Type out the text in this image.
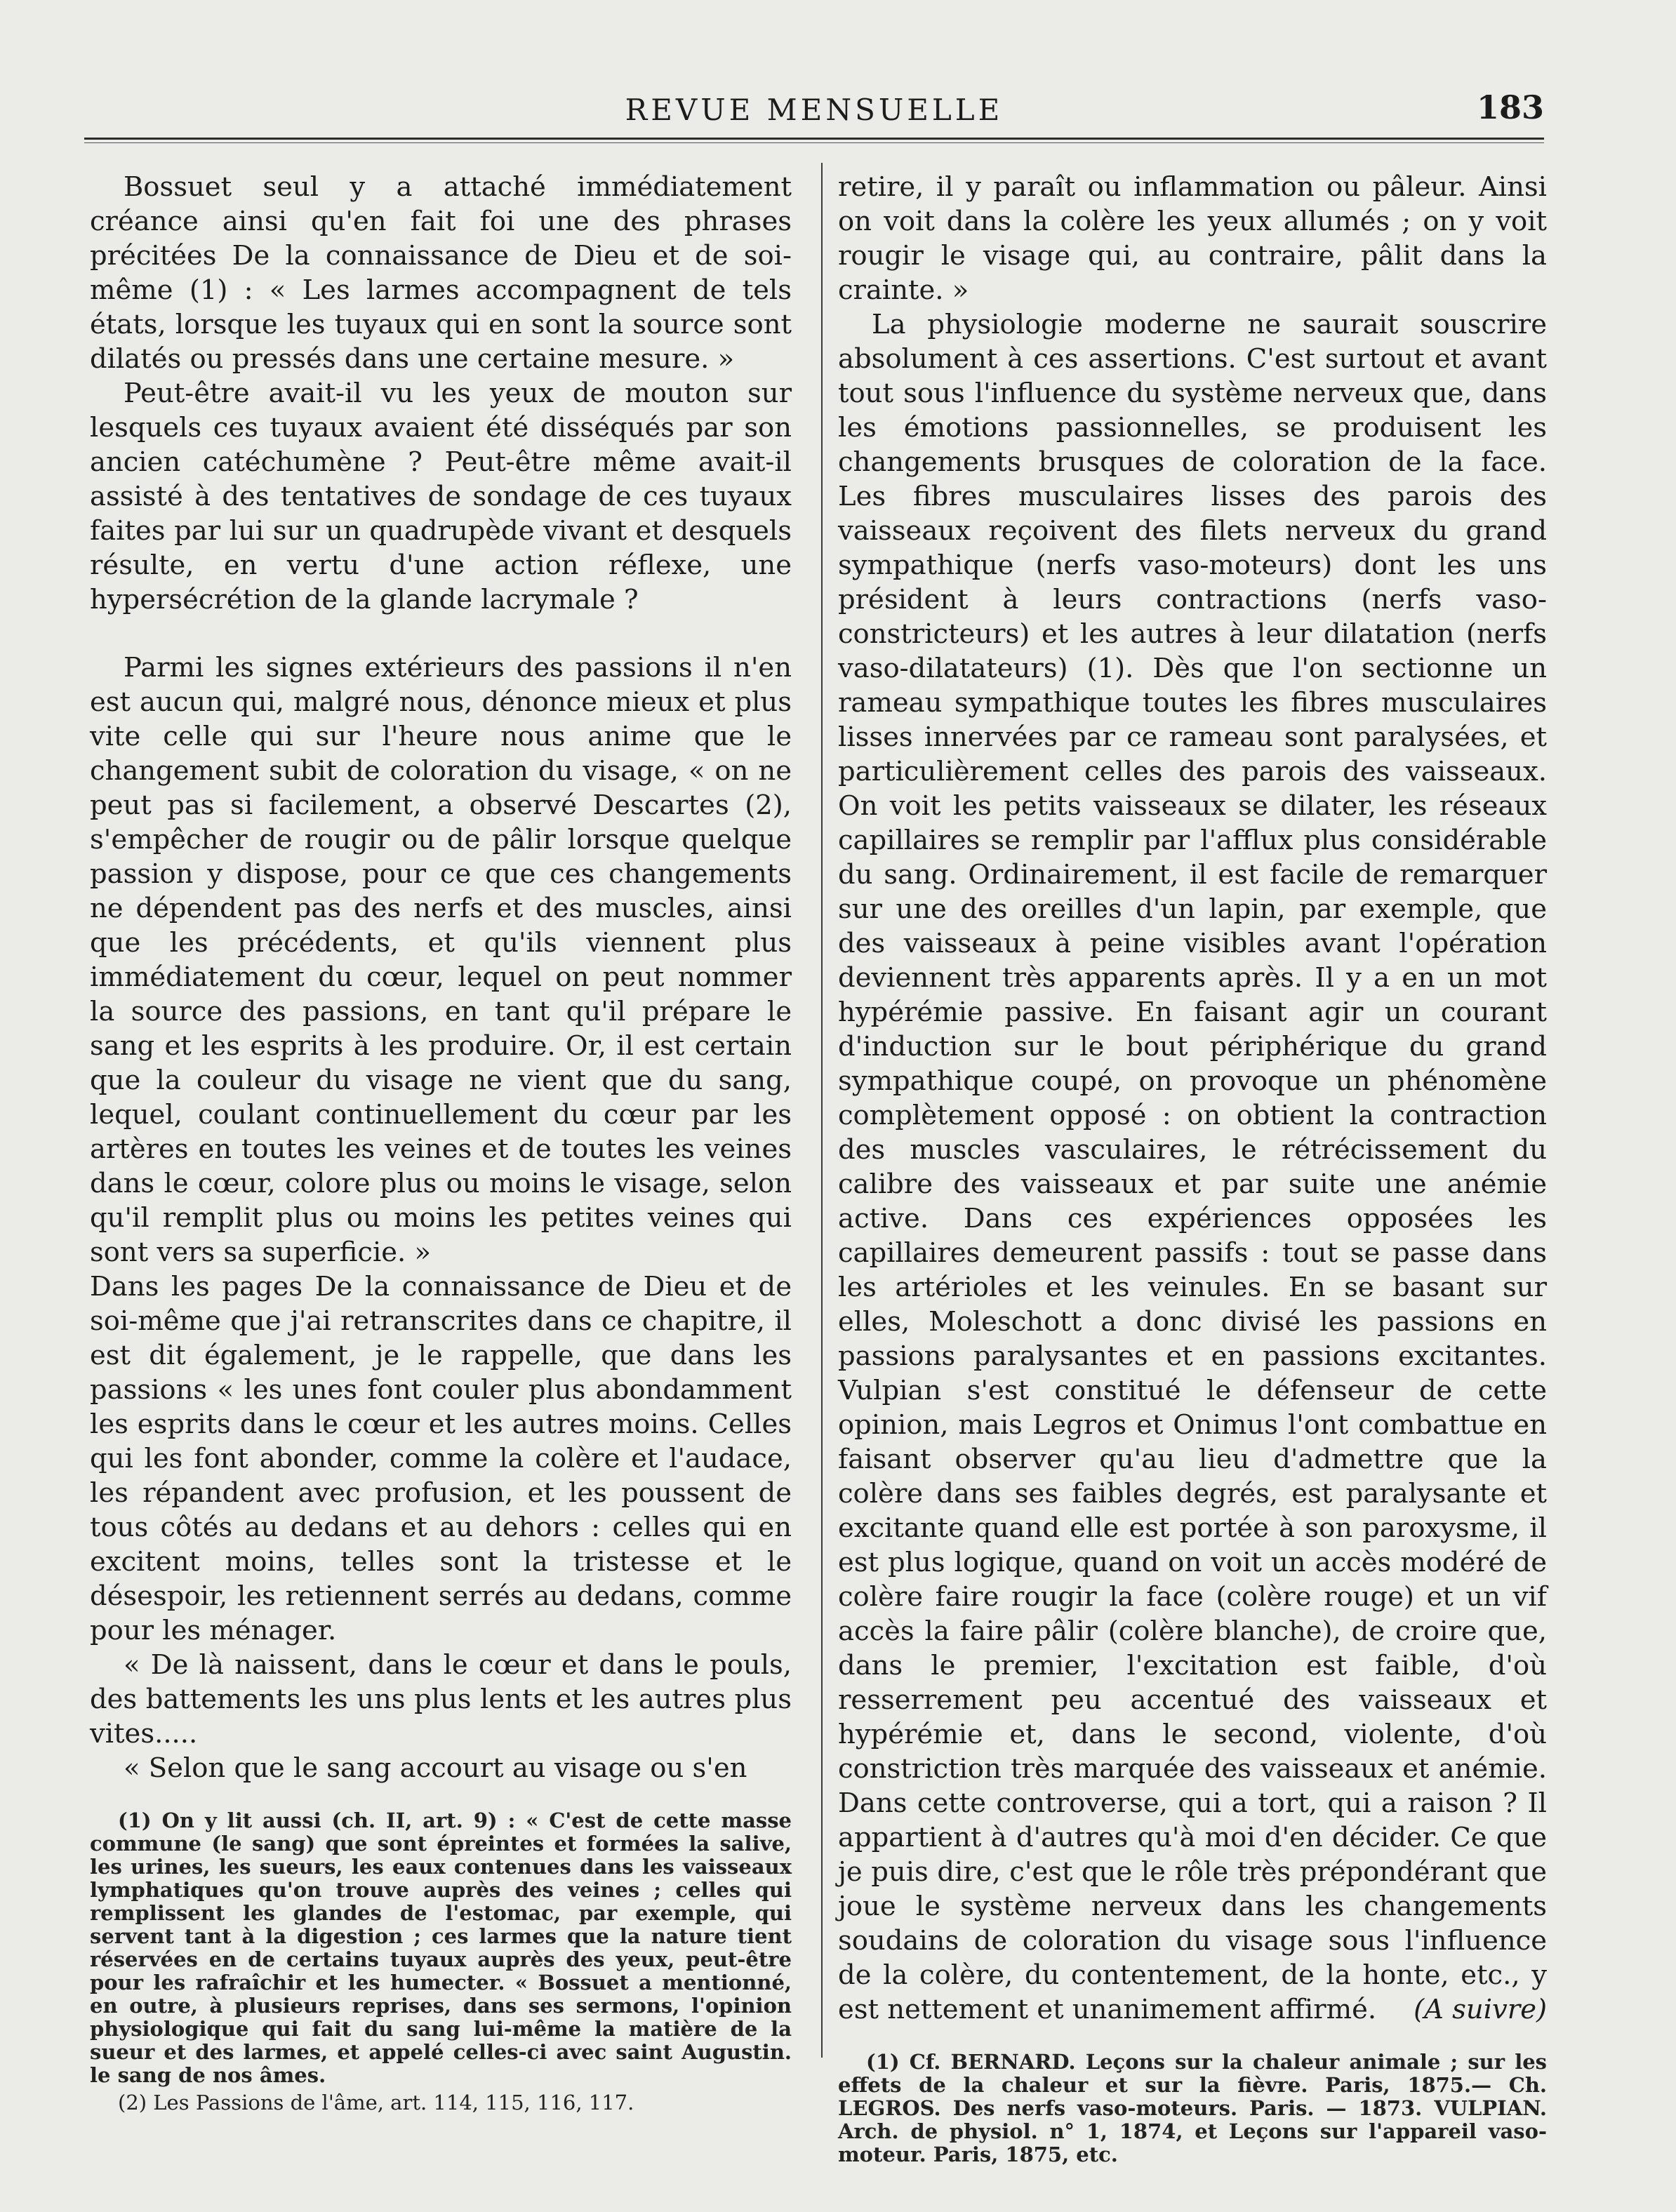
REVUE MENSUELLE	183

Bossuet seul y a attaché immédiatement créance ainsi qu'en fait foi une des phrases précitées De la connaissance de Dieu et de soi-même (1) : « Les larmes accompagnent de tels états, lorsque les tuyaux qui en sont la source sont dilatés ou pressés dans une certaine mesure. »

Peut-être avait-il vu les yeux de mouton sur lesquels ces tuyaux avaient été disséqués par son ancien catéchumène ? Peut-être même avait-il assisté à des tentatives de sondage de ces tuyaux faites par lui sur un quadrupède vivant et desquels résulte, en vertu d'une action réflexe, une hypersécrétion de la glande lacrymale ?

Parmi les signes extérieurs des passions il n'en est aucun qui, malgré nous, dénonce mieux et plus vite celle qui sur l'heure nous anime que le changement subit de coloration du visage, « on ne peut pas si facilement, a observé Descartes (2), s'empêcher de rougir ou de pâlir lorsque quelque passion y dispose, pour ce que ces changements ne dépendent pas des nerfs et des muscles, ainsi que les précédents, et qu'ils viennent plus immédiatement du cœur, lequel on peut nommer la source des passions, en tant qu'il prépare le sang et les esprits à les produire. Or, il est certain que la couleur du visage ne vient que du sang, lequel, coulant continuellement du cœur par les artères en toutes les veines et de toutes les veines dans le cœur, colore plus ou moins le visage, selon qu'il remplit plus ou moins les petites veines qui sont vers sa superficie. »

Dans les pages De la connaissance de Dieu et de soi-même que j'ai retranscrites dans ce chapitre, il est dit également, je le rappelle, que dans les passions « les unes font couler plus abondamment les esprits dans le cœur et les autres moins. Celles qui les font abonder, comme la colère et l'audace, les répandent avec profusion, et les poussent de tous côtés au dedans et au dehors : celles qui en excitent moins, telles sont la tristesse et le désespoir, les retiennent serrés au dedans, comme pour les ménager.

« De là naissent, dans le cœur et dans le pouls, des battements les uns plus lents et les autres plus vites.....

« Selon que le sang accourt au visage ou s'en

(1) On y lit aussi (ch. II, art. 9) : « C'est de cette masse commune (le sang) que sont épreintes et formées la salive, les urines, les sueurs, les eaux contenues dans les vaisseaux lymphatiques qu'on trouve auprès des veines ; celles qui remplissent les glandes de l'estomac, par exemple, qui servent tant à la digestion ; ces larmes que la nature tient réservées en de certains tuyaux auprès des yeux, peut-être pour les rafraîchir et les humecter. « Bossuet a mentionné, en outre, à plusieurs reprises, dans ses sermons, l'opinion physiologique qui fait du sang lui-même la matière de la sueur et des larmes, et appelé celles-ci avec saint Augustin. le sang de nos âmes.

(2) Les Passions de l'âme, art. 114, 115, 116, 117.

retire, il y paraît ou inflammation ou pâleur. Ainsi on voit dans la colère les yeux allumés ; on y voit rougir le visage qui, au contraire, pâlit dans la crainte. »

La physiologie moderne ne saurait souscrire absolument à ces assertions. C'est surtout et avant tout sous l'influence du système nerveux que, dans les émotions passionnelles, se produisent les changements brusques de coloration de la face. Les fibres musculaires lisses des parois des vaisseaux reçoivent des filets nerveux du grand sympathique (nerfs vaso-moteurs) dont les uns président à leurs contractions (nerfs vaso-constricteurs) et les autres à leur dilatation (nerfs vaso-dilatateurs) (1). Dès que l'on sectionne un rameau sympathique toutes les fibres musculaires lisses innervées par ce rameau sont paralysées, et particulièrement celles des parois des vaisseaux. On voit les petits vaisseaux se dilater, les réseaux capillaires se remplir par l'afflux plus considérable du sang. Ordinairement, il est facile de remarquer sur une des oreilles d'un lapin, par exemple, que des vaisseaux à peine visibles avant l'opération deviennent très apparents après. Il y a en un mot hypérémie passive. En faisant agir un courant d'induction sur le bout périphérique du grand sympathique coupé, on provoque un phénomène complètement opposé : on obtient la contraction des muscles vasculaires, le rétrécissement du calibre des vaisseaux et par suite une anémie active. Dans ces expériences opposées les capillaires demeurent passifs : tout se passe dans les artérioles et les veinules. En se basant sur elles, Moleschott a donc divisé les passions en passions paralysantes et en passions excitantes. Vulpian s'est constitué le défenseur de cette opinion, mais Legros et Onimus l'ont combattue en faisant observer qu'au lieu d'admettre que la colère dans ses faibles degrés, est paralysante et excitante quand elle est portée à son paroxysme, il est plus logique, quand on voit un accès modéré de colère faire rougir la face (colère rouge) et un vif accès la faire pâlir (colère blanche), de croire que, dans le premier, l'excitation est faible, d'où resserrement peu accentué des vaisseaux et hypérémie et, dans le second, violente, d'où constriction très marquée des vaisseaux et anémie. Dans cette controverse, qui a tort, qui a raison ? Il appartient à d'autres qu'à moi d'en décider. Ce que je puis dire, c'est que le rôle très prépondérant que joue le système nerveux dans les changements soudains de coloration du visage sous l'influence de la colère, du contentement, de la honte, etc., y est nettement et unanimement affirmé.	(A suivre)

(1) Cf. BERNARD. Leçons sur la chaleur animale ; sur les effets de la chaleur et sur la fièvre. Paris, 1875.— Ch. LEGROS. Des nerfs vaso-moteurs. Paris. — 1873. VULPIAN. Arch. de physiol. n° 1, 1874, et Leçons sur l'appareil vaso-moteur. Paris, 1875, etc.
